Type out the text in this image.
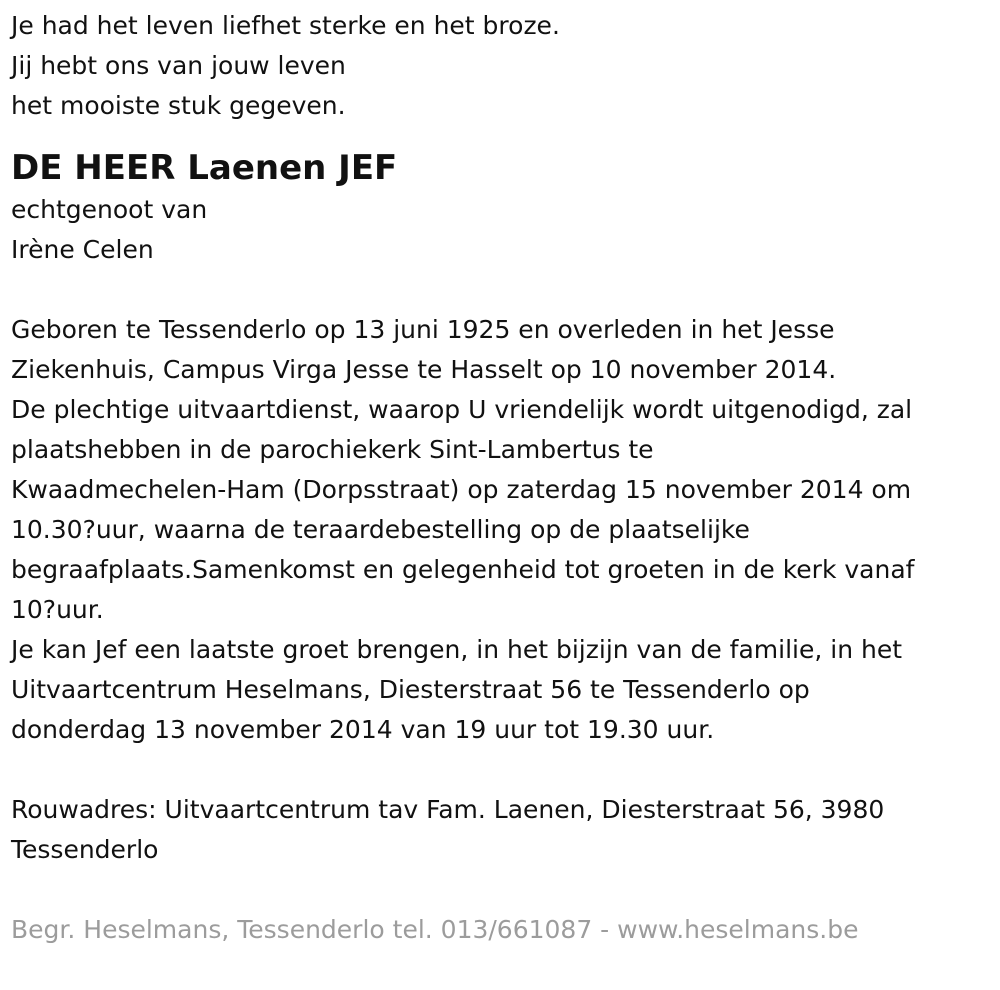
Je had het leven liefhet sterke en het broze.
Jij hebt ons van jouw leven
het mooiste stuk gegeven.
DE HEER Laenen JEF
echtgenoot van
Irène Celen
Geboren te Tessenderlo op 13 juni 1925 en overleden in het Jesse
Ziekenhuis, Campus Virga Jesse te Hasselt op 10 november 2014.
De plechtige uitvaartdienst, waarop U vriendelijk wordt uitgenodigd, zal
plaatshebben in de parochiekerk Sint-Lambertus te
Kwaadmechelen-Ham (Dorpsstraat) op zaterdag 15 november 2014 om
10.30?uur, waarna de teraardebestelling op de plaatselijke
begraafplaats.Samenkomst en gelegenheid tot groeten in de kerk vanaf
10?uur.
Je kan Jef een laatste groet brengen, in het bijzijn van de familie, in het
Uitvaartcentrum Heselmans, Diesterstraat 56 te Tessenderlo op
donderdag 13 november 2014 van 19 uur tot 19.30 uur.
Rouwadres: Uitvaartcentrum tav Fam. Laenen, Diesterstraat 56, 3980
Tessenderlo
Begr. Heselmans, Tessenderlo tel. 013/661087 - www.heselmans.be
